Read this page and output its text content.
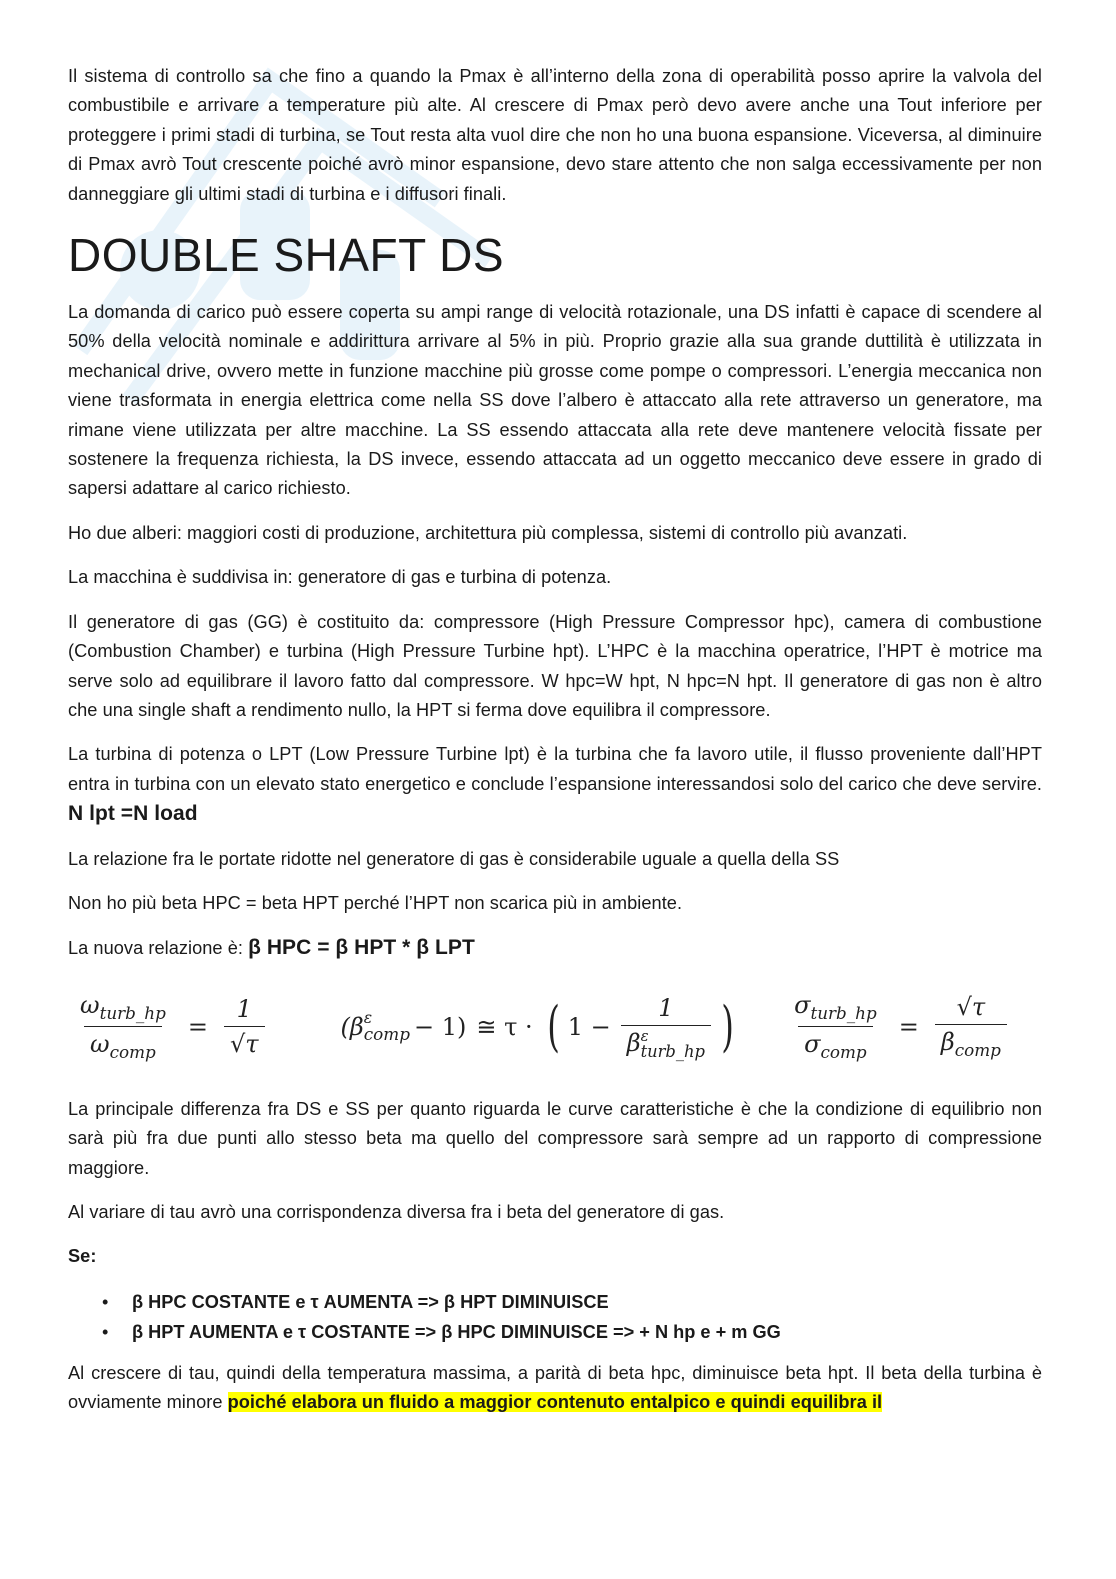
Il sistema di controllo sa che fino a quando la Pmax è all’interno della zona di operabilità posso aprire la valvola del combustibile e arrivare a temperature più alte. Al crescere di Pmax però devo avere anche una Tout inferiore per proteggere i primi stadi di turbina, se Tout resta alta vuol dire che non ho una buona espansione. Viceversa, al diminuire di Pmax avrò Tout crescente poiché avrò minor espansione, devo stare attento che non salga eccessivamente per non danneggiare gli ultimi stadi di turbina e i diffusori finali.

DOUBLE SHAFT DS

La domanda di carico può essere coperta su ampi range di velocità rotazionale, una DS infatti è capace di scendere al 50% della velocità nominale e addirittura arrivare al 5% in più. Proprio grazie alla sua grande duttilità è utilizzata in mechanical drive, ovvero mette in funzione macchine più grosse come pompe o compressori. L’energia meccanica non viene trasformata in energia elettrica come nella SS dove l’albero è attaccato alla rete attraverso un generatore, ma rimane viene utilizzata per altre macchine. La SS essendo attaccata alla rete deve mantenere velocità fissate per sostenere la frequenza richiesta, la DS invece, essendo attaccata ad un oggetto meccanico deve essere in grado di sapersi adattare al carico richiesto.

Ho due alberi: maggiori costi di produzione, architettura più complessa, sistemi di controllo più avanzati.

La macchina è suddivisa in: generatore di gas e turbina di potenza.

Il generatore di gas (GG) è costituito da: compressore (High Pressure Compressor hpc), camera di combustione (Combustion Chamber) e turbina (High Pressure Turbine hpt). L’HPC è la macchina operatrice, l’HPT è motrice ma serve solo ad equilibrare il lavoro fatto dal compressore. W hpc=W hpt, N hpc=N hpt. Il generatore di gas non è altro che una single shaft a rendimento nullo, la HPT si ferma dove equilibra il compressore.

La turbina di potenza o LPT (Low Pressure Turbine lpt) è la turbina che fa lavoro utile, il flusso proveniente dall’HPT entra in turbina con un elevato stato energetico e conclude l’espansione interessandosi solo del carico che deve servire. N lpt =N load

La relazione fra le portate ridotte nel generatore di gas è considerabile uguale a quella della SS

Non ho più beta HPC = beta HPT perché l’HPT non scarica più in ambiente.

La nuova relazione è: β HPC = β HPT * β LPT

$\frac{\omega_{turb\_hp}}{\omega_{comp}} = \frac{1}{√\tau}$	(β ε
comp − 1) ≅ τ · ( 1 − 1
β ε
turb_hp ) $\frac{\sigma_{turb\_hp}}{\sigma_{comp}} = \frac{√\tau}{\beta_{comp}}$

La principale differenza fra DS e SS per quanto riguarda le curve caratteristiche è che la condizione di equilibrio non sarà più fra due punti allo stesso beta ma quello del compressore sarà sempre ad un rapporto di compressione maggiore.

Al variare di tau avrò una corrispondenza diversa fra i beta del generatore di gas.

Se:

• β HPC COSTANTE e τ AUMENTA => β HPT DIMINUISCE
• β HPT AUMENTA e τ COSTANTE => β HPC DIMINUISCE => + N hp e + m GG

Al crescere di tau, quindi della temperatura massima, a parità di beta hpc, diminuisce beta hpt. Il beta della turbina è ovviamente minore poiché elabora un fluido a maggior contenuto entalpico e quindi equilibra il
